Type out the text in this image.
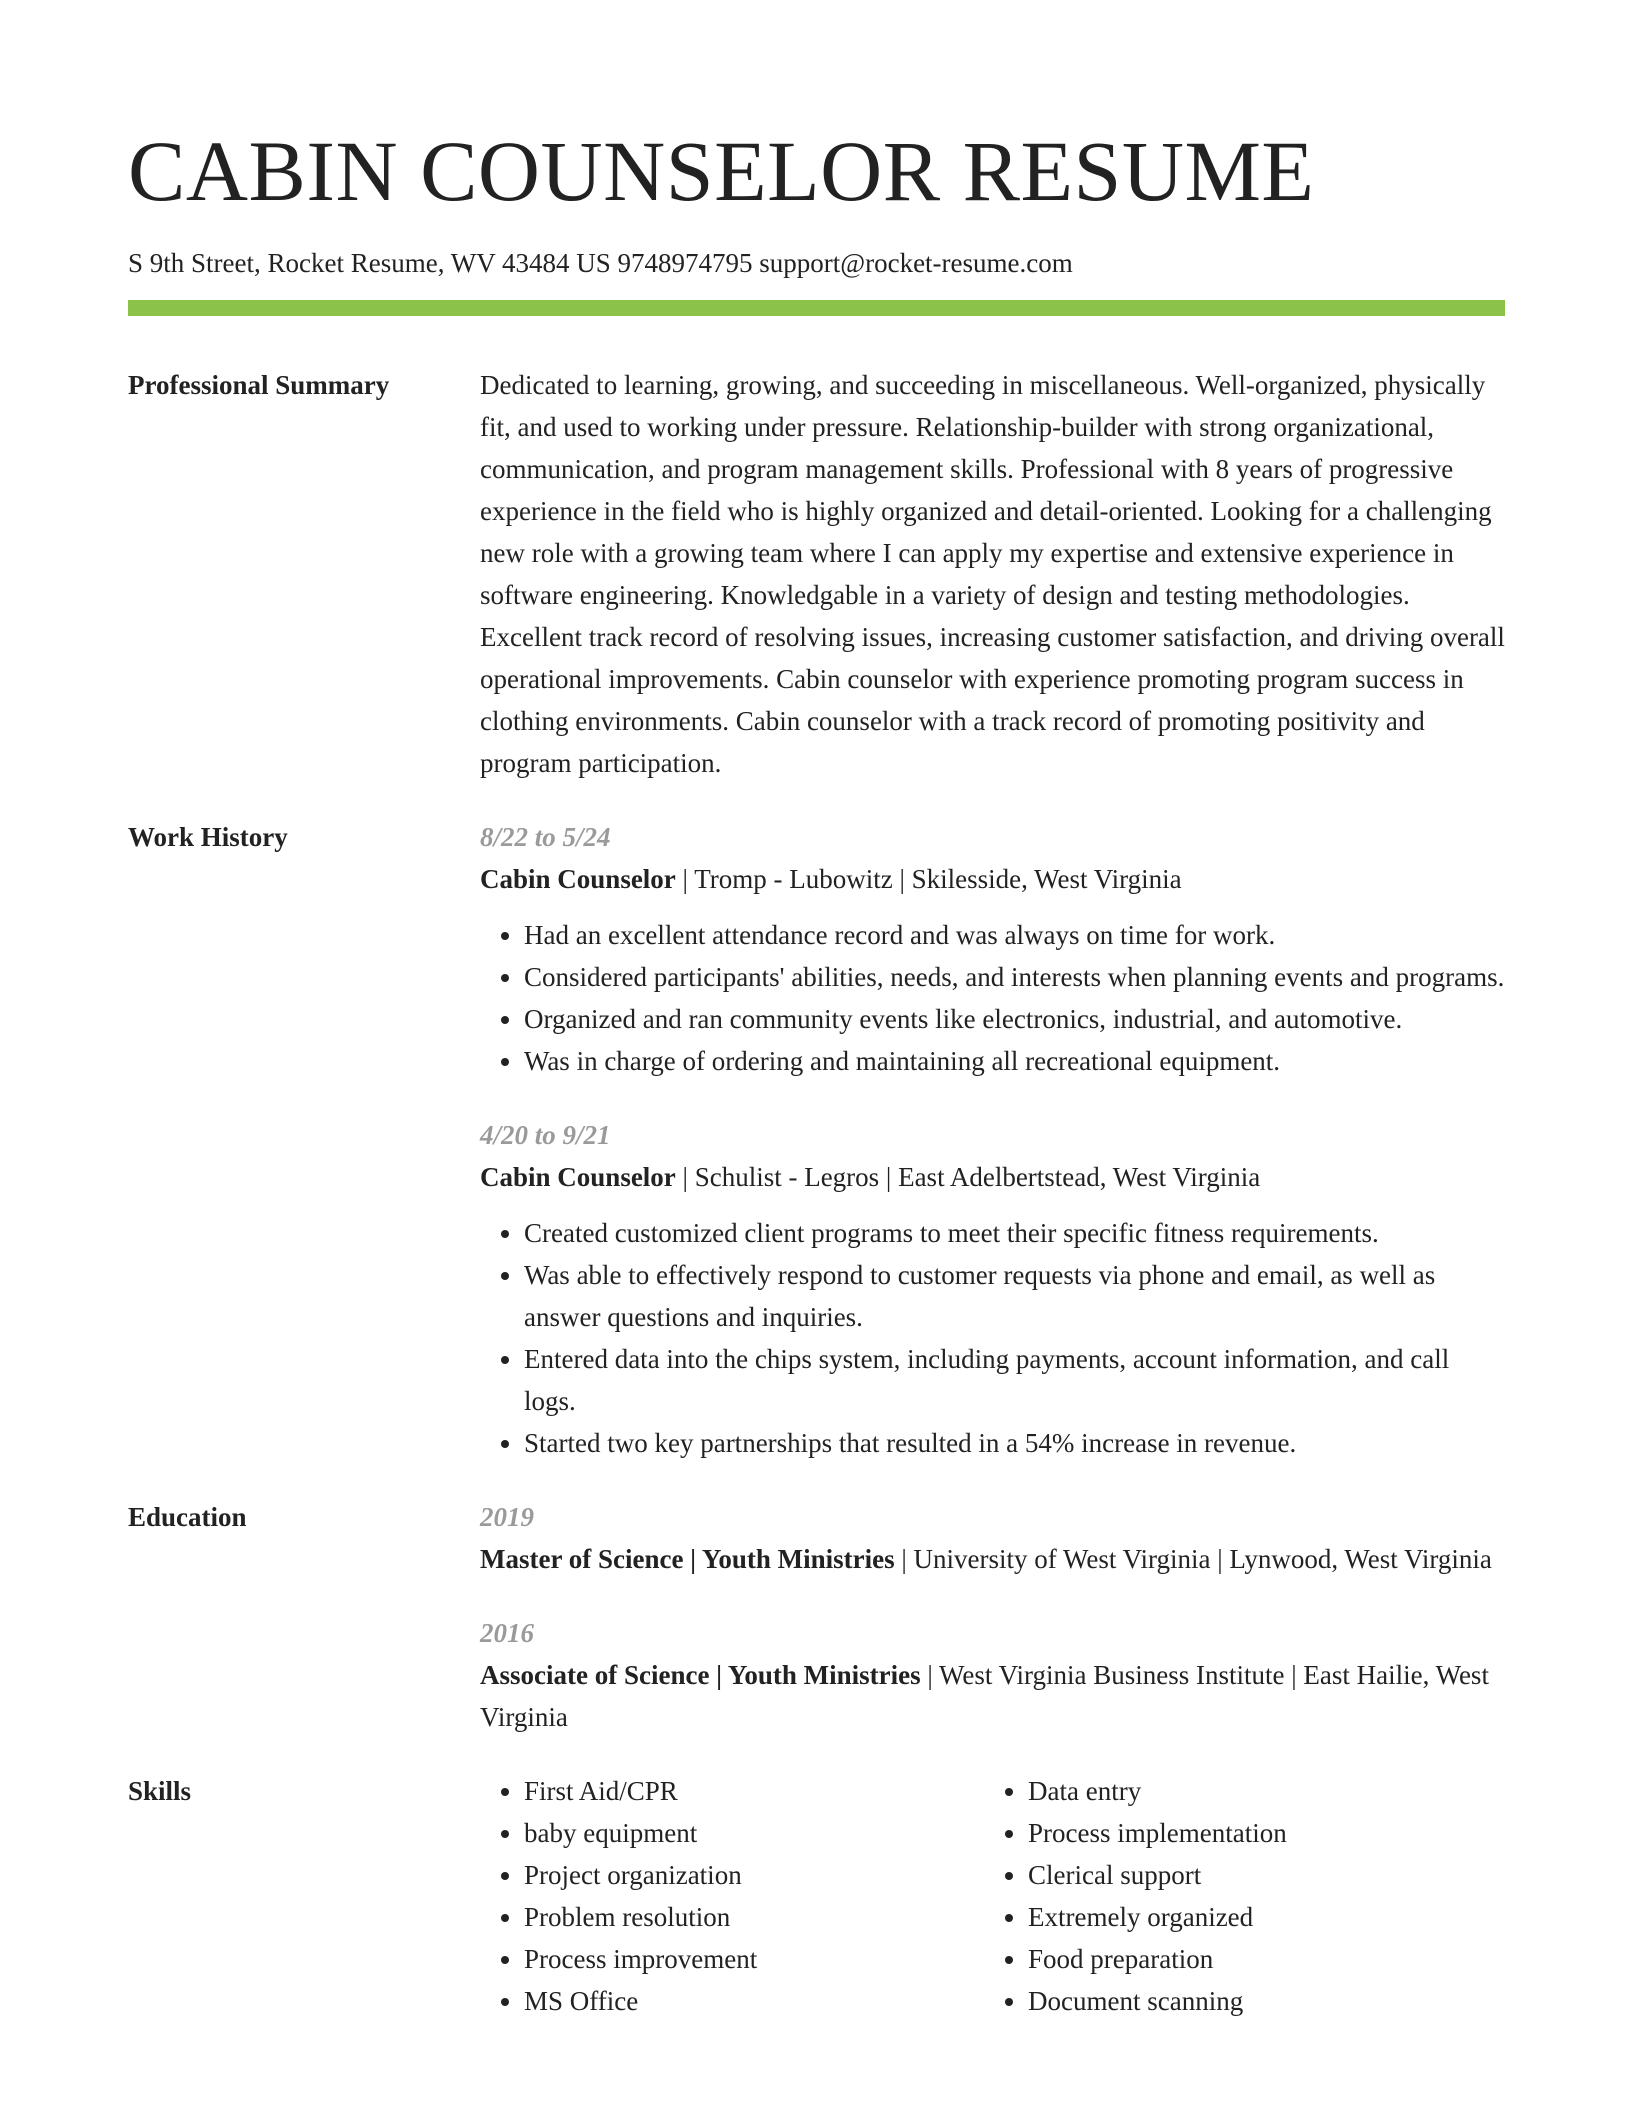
CABIN COUNSELOR RESUME
S 9th Street, Rocket Resume, WV 43484 US 9748974795 support@rocket-resume.com
Professional Summary	Dedicated to learning, growing, and succeeding in miscellaneous. Well-organized, physically fit, and used to working under pressure. Relationship-builder with strong organizational, communication, and program management skills. Professional with 8 years of progressive experience in the field who is highly organized and detail-oriented. Looking for a challenging new role with a growing team where I can apply my expertise and extensive experience in software engineering. Knowledgable in a variety of design and testing methodologies. Excellent track record of resolving issues, increasing customer satisfaction, and driving overall operational improvements. Cabin counselor with experience promoting program success in clothing environments. Cabin counselor with a track record of promoting positivity and program participation.

Work History	8/22 to 5/24
Cabin Counselor | Tromp - Lubowitz | Skilesside, West Virginia
• Had an excellent attendance record and was always on time for work.
• Considered participants' abilities, needs, and interests when planning events and programs.
• Organized and ran community events like electronics, industrial, and automotive.
• Was in charge of ordering and maintaining all recreational equipment.
4/20 to 9/21
Cabin Counselor | Schulist - Legros | East Adelbertstead, West Virginia
• Created customized client programs to meet their specific fitness requirements.
• Was able to effectively respond to customer requests via phone and email, as well as answer questions and inquiries.
• Entered data into the chips system, including payments, account information, and call logs.
• Started two key partnerships that resulted in a 54% increase in revenue.
Education	2019
Master of Science | Youth Ministries | University of West Virginia | Lynwood, West Virginia
2016
Associate of Science | Youth Ministries | West Virginia Business Institute | East Hailie, West Virginia
Skills
•	First Aid/CPR
• baby equipment
• Project organization
• Problem resolution
• Process improvement
• MS Office
• Data entry
• Process implementation
• Clerical support
• Extremely organized
• Food preparation
• Document scanning
